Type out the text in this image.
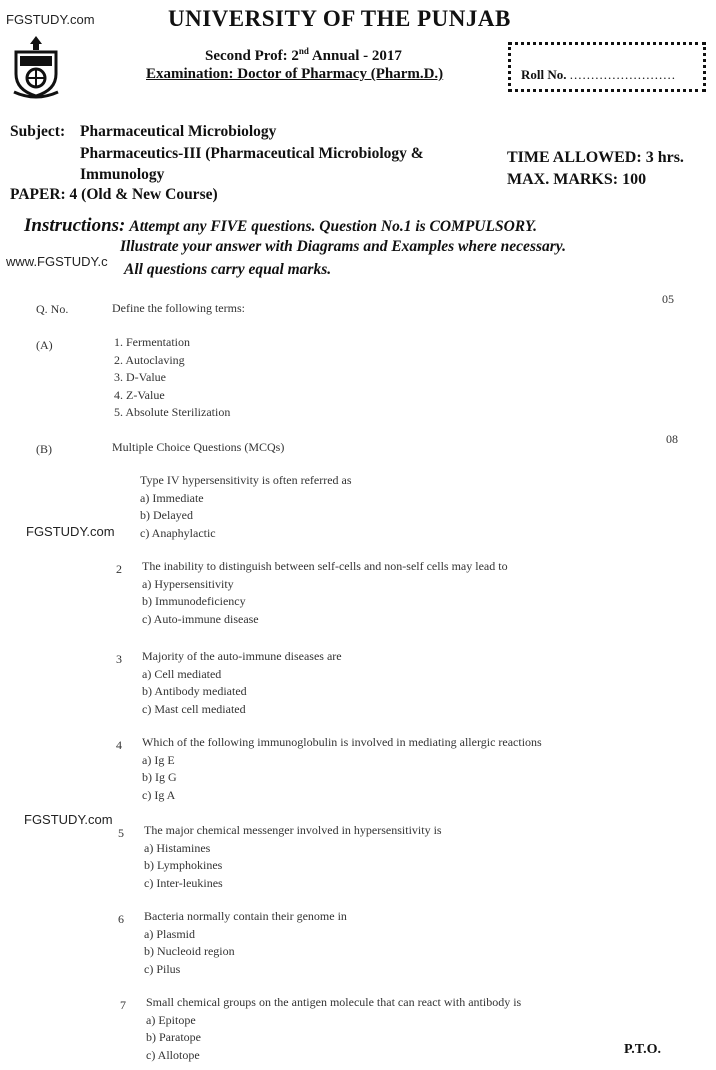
FGSTUDY.com
www.FGSTUDY.c
FGSTUDY.com
FGSTUDY.com
UNIVERSITY OF THE PUNJAB
Second Prof: 2nd Annual - 2017
Examination: Doctor of Pharmacy (Pharm.D.)	Roll No. .........................
Subject: Pharmaceutical Microbiology
Pharmaceutics-III (Pharmaceutical Microbiology &
Immunology
PAPER: 4 (Old & New Course)
TIME ALLOWED: 3 hrs.
MAX. MARKS: 100
Instructions: Attempt any FIVE questions. Question No.1 is COMPULSORY.
Illustrate your answer with Diagrams and Examples where necessary.
All questions carry equal marks.
Q. No.	Define the following terms:
05
(A)	1. Fermentation
2. Autoclaving
3. D-Value
4. Z-Value
5. Absolute Sterilization
(B)	Multiple Choice Questions (MCQs)
08
Type IV hypersensitivity is often referred as
a) Immediate
b) Delayed
c) Anaphylactic
2 The inability to distinguish between self-cells and non-self cells may lead to
a) Hypersensitivity
b) Immunodeficiency
c) Auto-immune disease
3 Majority of the auto-immune diseases are
a) Cell mediated
b) Antibody mediated
c) Mast cell mediated
4 Which of the following immunoglobulin is involved in mediating allergic reactions
a) Ig E
b) Ig G
c) Ig A
5 The major chemical messenger involved in hypersensitivity is
a) Histamines
b) Lymphokines
c) Inter-leukines
6 Bacteria normally contain their genome in
a) Plasmid
b) Nucleoid region
c) Pilus
7 Small chemical groups on the antigen molecule that can react with antibody is
a) Epitope
b) Paratope
c) Allotope	P.T.O.
